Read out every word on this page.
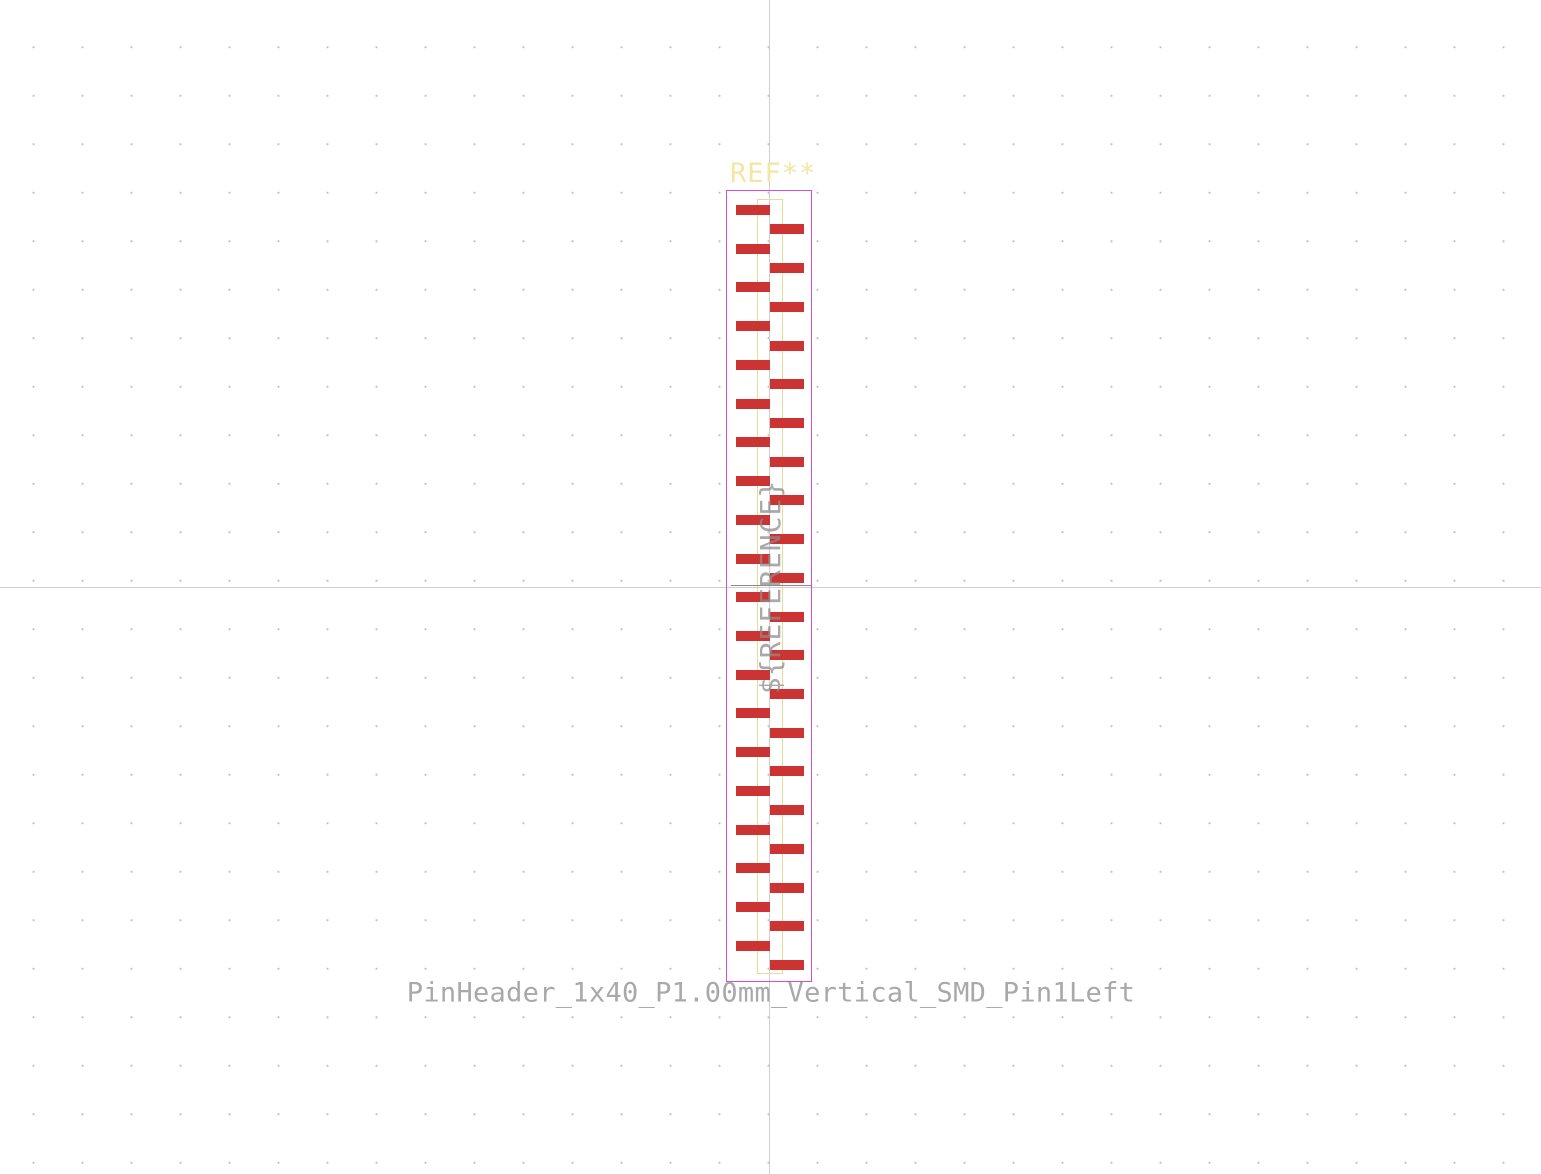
${REFERENCE}
REF**
PinHeader_1x40_P1.00mm_Vertical_SMD_Pin1Left
